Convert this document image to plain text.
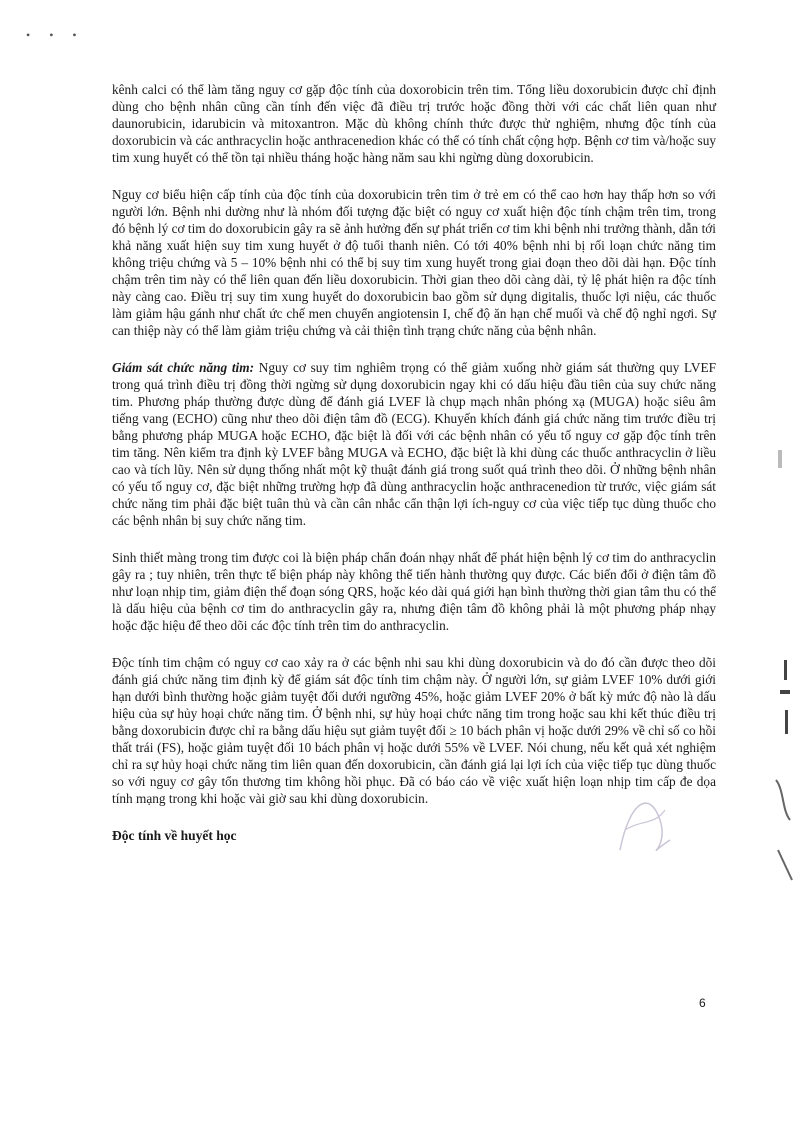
• • •

kênh calci có thể làm tăng nguy cơ gặp độc tính của doxorobicin trên tim. Tổng liều doxorubicin được chỉ định dùng cho bệnh nhân cũng cần tính đến việc đã điều trị trước hoặc đồng thời với các chất liên quan như daunorubicin, idarubicin và mitoxantron. Mặc dù không chính thức được thử nghiệm, nhưng độc tính của doxorubicin và các anthracyclin hoặc anthracenedion khác có thể có tính chất cộng hợp. Bệnh cơ tim và/hoặc suy tim xung huyết có thể tồn tại nhiều tháng hoặc hàng năm sau khi ngừng dùng doxorubicin.

Nguy cơ biểu hiện cấp tính của độc tính của doxorubicin trên tim ở trẻ em có thể cao hơn hay thấp hơn so với người lớn. Bệnh nhi dường như là nhóm đối tượng đặc biệt có nguy cơ xuất hiện độc tính chậm trên tim, trong đó bệnh lý cơ tim do doxorubicin gây ra sẽ ảnh hưởng đến sự phát triển cơ tim khi bệnh nhi trưởng thành, dẫn tới khả năng xuất hiện suy tim xung huyết ở độ tuổi thanh niên. Có tới 40% bệnh nhi bị rối loạn chức năng tim không triệu chứng và 5 – 10% bệnh nhi có thể bị suy tim xung huyết trong giai đoạn theo dõi dài hạn. Độc tính chậm trên tim này có thể liên quan đến liều doxorubicin. Thời gian theo dõi càng dài, tỷ lệ phát hiện ra độc tính này càng cao. Điều trị suy tim xung huyết do doxorubicin bao gồm sử dụng digitalis, thuốc lợi niệu, các thuốc làm giảm hậu gánh như chất ức chế men chuyển angiotensin I, chế độ ăn hạn chế muối và chế độ nghỉ ngơi. Sự can thiệp này có thể làm giảm triệu chứng và cải thiện tình trạng chức năng của bệnh nhân.

Giám sát chức năng tim: Nguy cơ suy tim nghiêm trọng có thể giảm xuống nhờ giám sát thường quy LVEF trong quá trình điều trị đồng thời ngừng sử dụng doxorubicin ngay khi có dấu hiệu đầu tiên của suy chức năng tim. Phương pháp thường được dùng để đánh giá LVEF là chụp mạch nhân phóng xạ (MUGA) hoặc siêu âm tiếng vang (ECHO) cũng như theo dõi điện tâm đồ (ECG). Khuyến khích đánh giá chức năng tim trước điều trị bằng phương pháp MUGA hoặc ECHO, đặc biệt là đối với các bệnh nhân có yếu tố nguy cơ gặp độc tính trên tim tăng. Nên kiểm tra định kỳ LVEF bằng MUGA và ECHO, đặc biệt là khi dùng các thuốc anthracyclin ở liều cao và tích lũy. Nên sử dụng thống nhất một kỹ thuật đánh giá trong suốt quá trình theo dõi. Ở những bệnh nhân có yếu tố nguy cơ, đặc biệt những trường hợp đã dùng anthracyclin hoặc anthracenedion từ trước, việc giám sát chức năng tim phải đặc biệt tuân thủ và cần cân nhắc cẩn thận lợi ích-nguy cơ của việc tiếp tục dùng thuốc cho các bệnh nhân bị suy chức năng tim.

Sinh thiết màng trong tim được coi là biện pháp chẩn đoán nhạy nhất để phát hiện bệnh lý cơ tim do anthracyclin gây ra ; tuy nhiên, trên thực tế biện pháp này không thể tiến hành thường quy được. Các biến đổi ở điện tâm đồ như loạn nhịp tim, giảm điện thế đoạn sóng QRS, hoặc kéo dài quá giới hạn bình thường thời gian tâm thu có thể là dấu hiệu của bệnh cơ tim do anthracyclin gây ra, nhưng điện tâm đồ không phải là một phương pháp nhạy hoặc đặc hiệu để theo dõi các độc tính trên tim do anthracyclin.

Độc tính tim chậm có nguy cơ cao xảy ra ở các bệnh nhi sau khi dùng doxorubicin và do đó cần được theo dõi đánh giá chức năng tim định kỳ để giám sát độc tính tim chậm này. Ở người lớn, sự giảm LVEF 10% dưới giới hạn dưới bình thường hoặc giảm tuyệt đối dưới ngưỡng 45%, hoặc giảm LVEF 20% ở bất kỳ mức độ nào là dấu hiệu của sự hủy hoại chức năng tim. Ở bệnh nhi, sự hủy hoại chức năng tim trong hoặc sau khi kết thúc điều trị bằng doxorubicin được chỉ ra bằng dấu hiệu sụt giảm tuyệt đối ≥ 10 bách phân vị hoặc dưới 29% về chỉ số co hồi thất trái (FS), hoặc giảm tuyệt đối 10 bách phân vị hoặc dưới 55% về LVEF. Nói chung, nếu kết quả xét nghiệm chỉ ra sự hủy hoại chức năng tim liên quan đến doxorubicin, cần đánh giá lại lợi ích của việc tiếp tục dùng thuốc so với nguy cơ gây tổn thương tim không hồi phục. Đã có báo cáo về việc xuất hiện loạn nhịp tim cấp đe dọa tính mạng trong khi hoặc vài giờ sau khi dùng doxorubicin.

Độc tính về huyết học
6
